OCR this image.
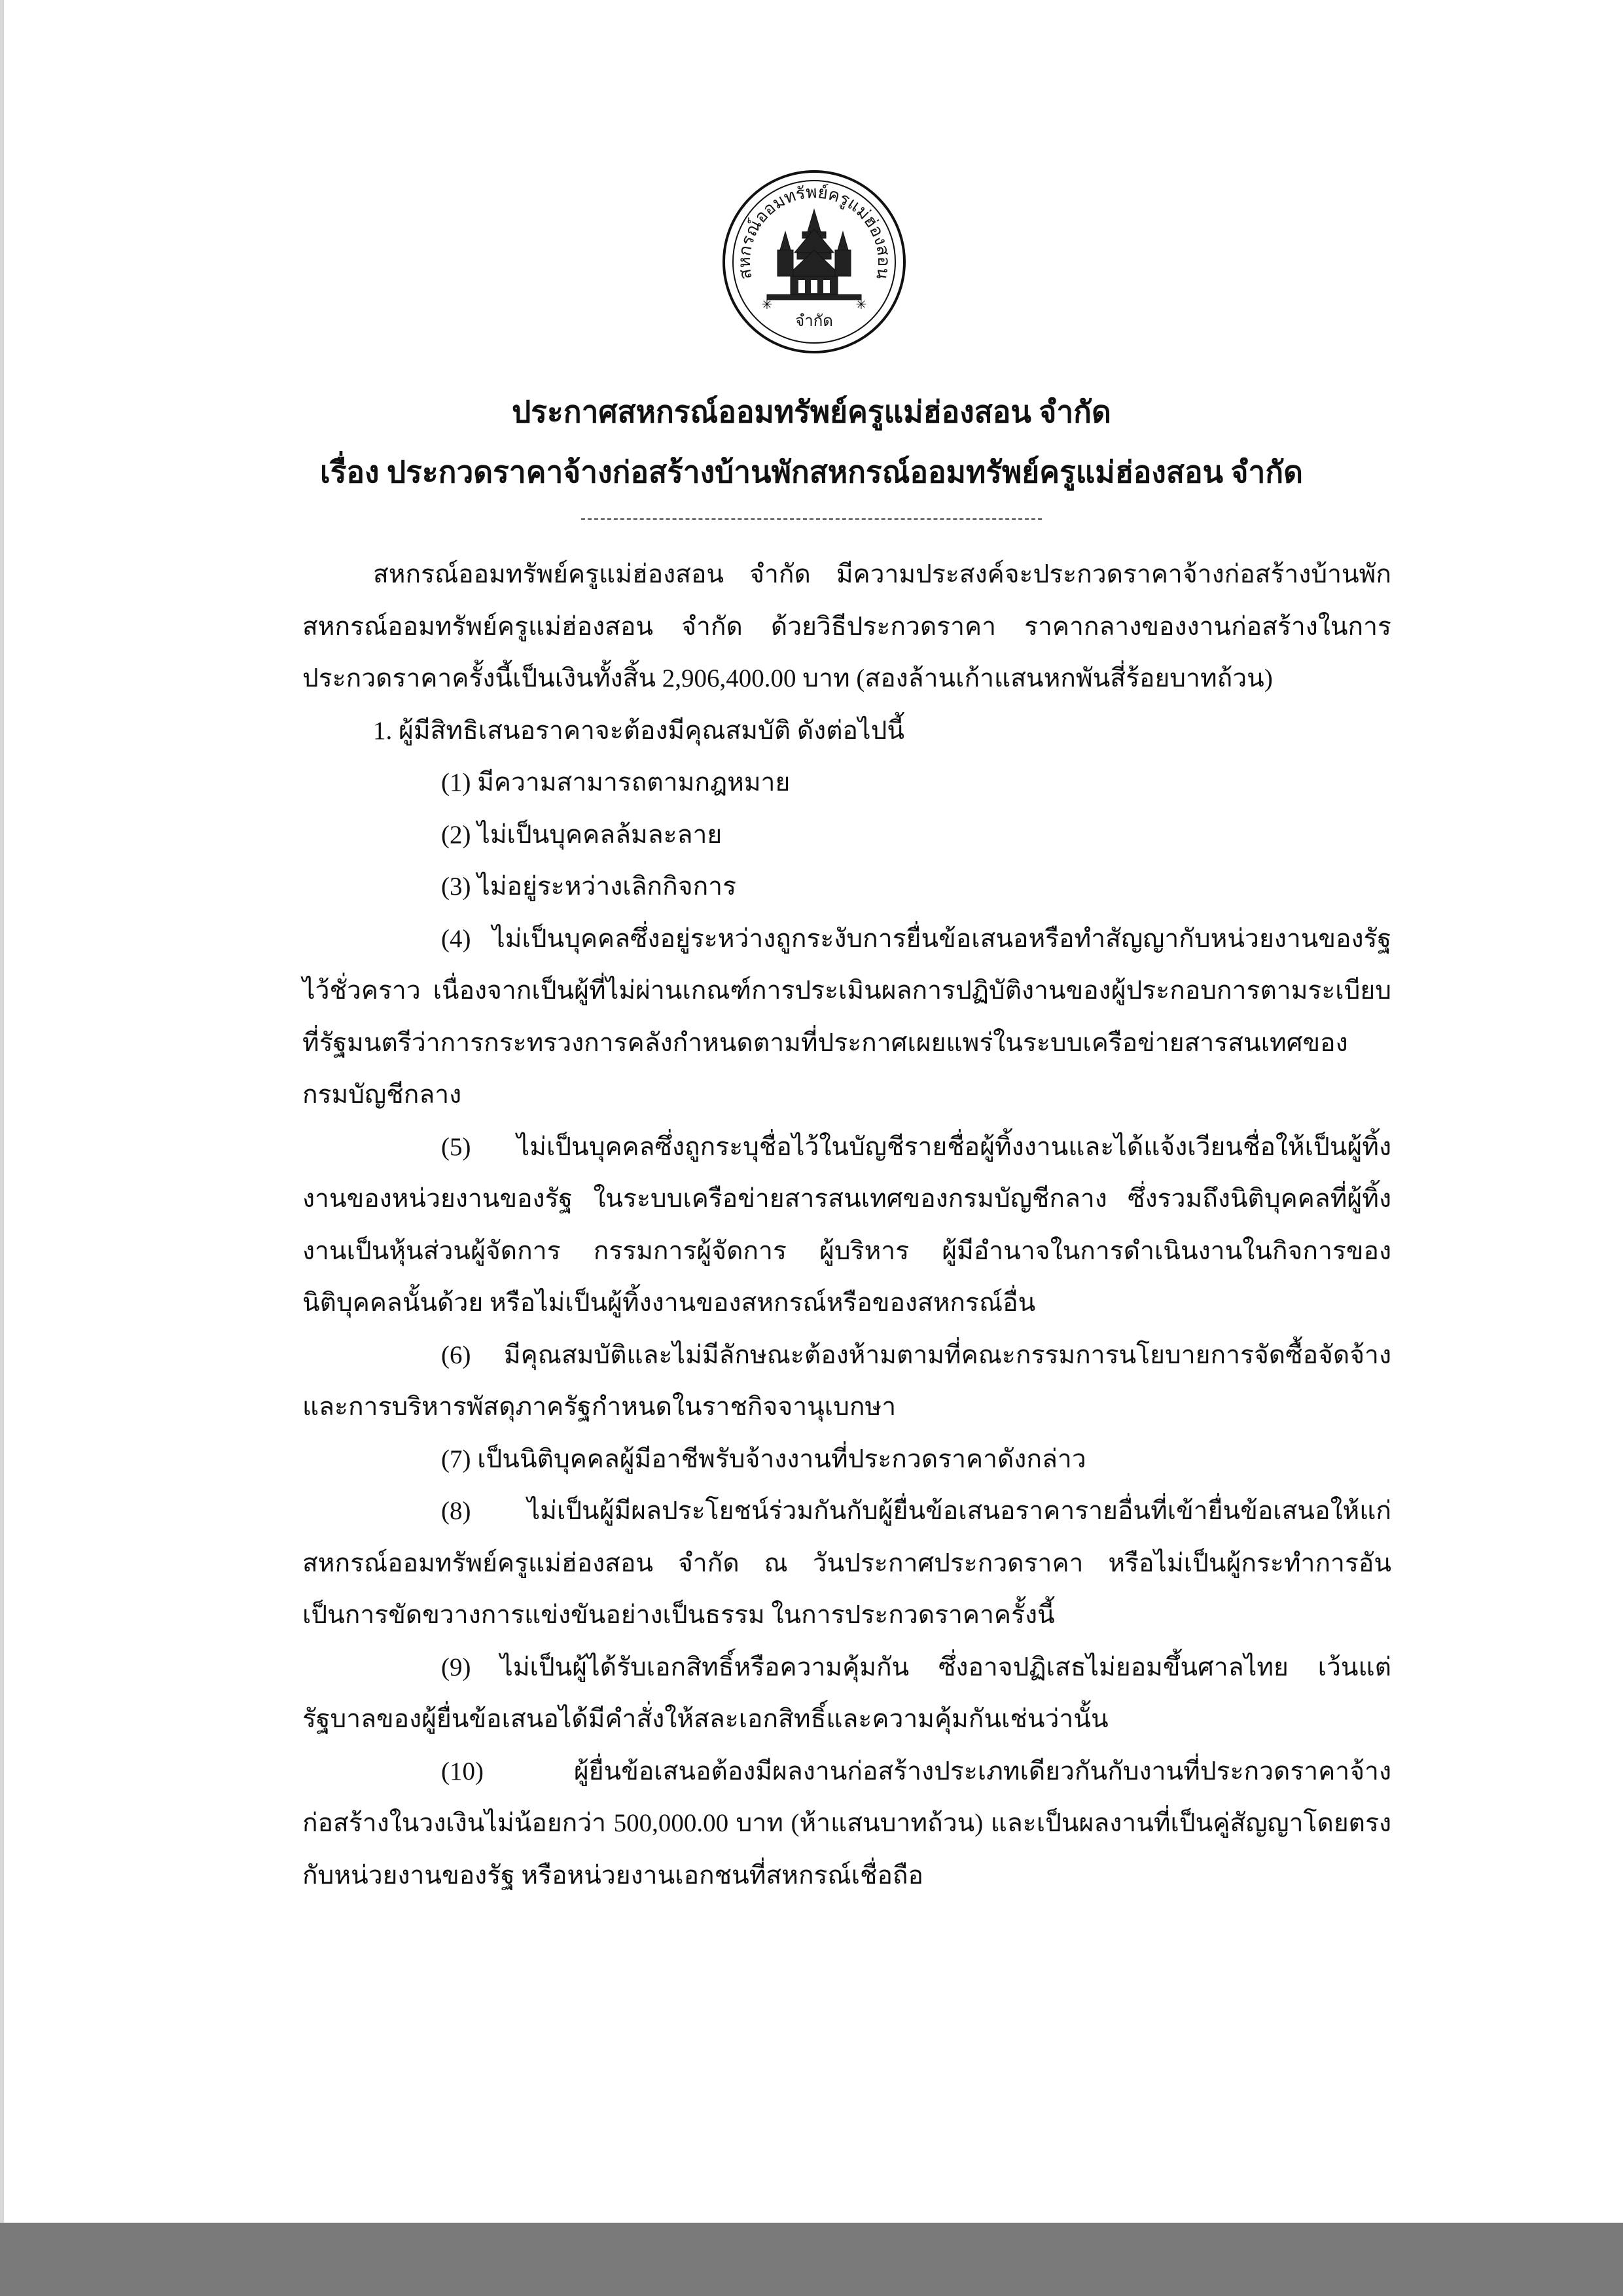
สหกรณ์ออมทรัพย์ครูแม่ฮ่องสอน
✳	✳
จำกัด
ประกาศสหกรณ์ออมทรัพย์ครูแม่ฮ่องสอน จำกัด
เรื่อง ประกวดราคาจ้างก่อสร้างบ้านพักสหกรณ์ออมทรัพย์ครูแม่ฮ่องสอน จำกัด

สหกรณ์ออมทรัพย์ครูแม่ฮ่องสอน จำกัด มีความประสงค์จะประกวดราคาจ้างก่อสร้างบ้านพักสหกรณ์ออมทรัพย์ครูแม่ฮ่องสอน จำกัด ด้วยวิธีประกวดราคา ราคากลางของงานก่อสร้างในการประกวดราคาครั้งนี้เป็นเงินทั้งสิ้น 2,906,400.00 บาท (สองล้านเก้าแสนหกพันสี่ร้อยบาทถ้วน)

1. ผู้มีสิทธิเสนอราคาจะต้องมีคุณสมบัติ ดังต่อไปนี้

(1) มีความสามารถตามกฎหมาย

(2) ไม่เป็นบุคคลล้มละลาย

(3) ไม่อยู่ระหว่างเลิกกิจการ

(4) ไม่เป็นบุคคลซึ่งอยู่ระหว่างถูกระงับการยื่นข้อเสนอหรือทำสัญญากับหน่วยงานของรัฐไว้ชั่วคราว เนื่องจากเป็นผู้ที่ไม่ผ่านเกณฑ์การประเมินผลการปฏิบัติงานของผู้ประกอบการตามระเบียบที่รัฐมนตรีว่าการกระทรวงการคลังกำหนดตามที่ประกาศเผยแพร่ในระบบเครือข่ายสารสนเทศของกรมบัญชีกลาง

(5) ไม่เป็นบุคคลซึ่งถูกระบุชื่อไว้ในบัญชีรายชื่อผู้ทิ้งงานและได้แจ้งเวียนชื่อให้เป็นผู้ทิ้งงานของหน่วยงานของรัฐ ในระบบเครือข่ายสารสนเทศของกรมบัญชีกลาง ซึ่งรวมถึงนิติบุคคลที่ผู้ทิ้งงานเป็นหุ้นส่วนผู้จัดการ กรรมการผู้จัดการ ผู้บริหาร ผู้มีอำนาจในการดำเนินงานในกิจการของนิติบุคคลนั้นด้วย หรือไม่เป็นผู้ทิ้งงานของสหกรณ์หรือของสหกรณ์อื่น

(6) มีคุณสมบัติและไม่มีลักษณะต้องห้ามตามที่คณะกรรมการนโยบายการจัดซื้อจัดจ้างและการบริหารพัสดุภาครัฐกำหนดในราชกิจจานุเบกษา

(7) เป็นนิติบุคคลผู้มีอาชีพรับจ้างงานที่ประกวดราคาดังกล่าว

(8) ไม่เป็นผู้มีผลประโยชน์ร่วมกันกับผู้ยื่นข้อเสนอราคารายอื่นที่เข้ายื่นข้อเสนอให้แก่สหกรณ์ออมทรัพย์ครูแม่ฮ่องสอน จำกัด ณ วันประกาศประกวดราคา หรือไม่เป็นผู้กระทำการอันเป็นการขัดขวางการแข่งขันอย่างเป็นธรรม ในการประกวดราคาครั้งนี้

(9) ไม่เป็นผู้ได้รับเอกสิทธิ์หรือความคุ้มกัน ซึ่งอาจปฏิเสธไม่ยอมขึ้นศาลไทย เว้นแต่รัฐบาลของผู้ยื่นข้อเสนอได้มีคำสั่งให้สละเอกสิทธิ์และความคุ้มกันเช่นว่านั้น

(10) ผู้ยื่นข้อเสนอต้องมีผลงานก่อสร้างประเภทเดียวกันกับงานที่ประกวดราคาจ้างก่อสร้างในวงเงินไม่น้อยกว่า 500,000.00 บาท (ห้าแสนบาทถ้วน) และเป็นผลงานที่เป็นคู่สัญญาโดยตรงกับหน่วยงานของรัฐ หรือหน่วยงานเอกชนที่สหกรณ์เชื่อถือ
